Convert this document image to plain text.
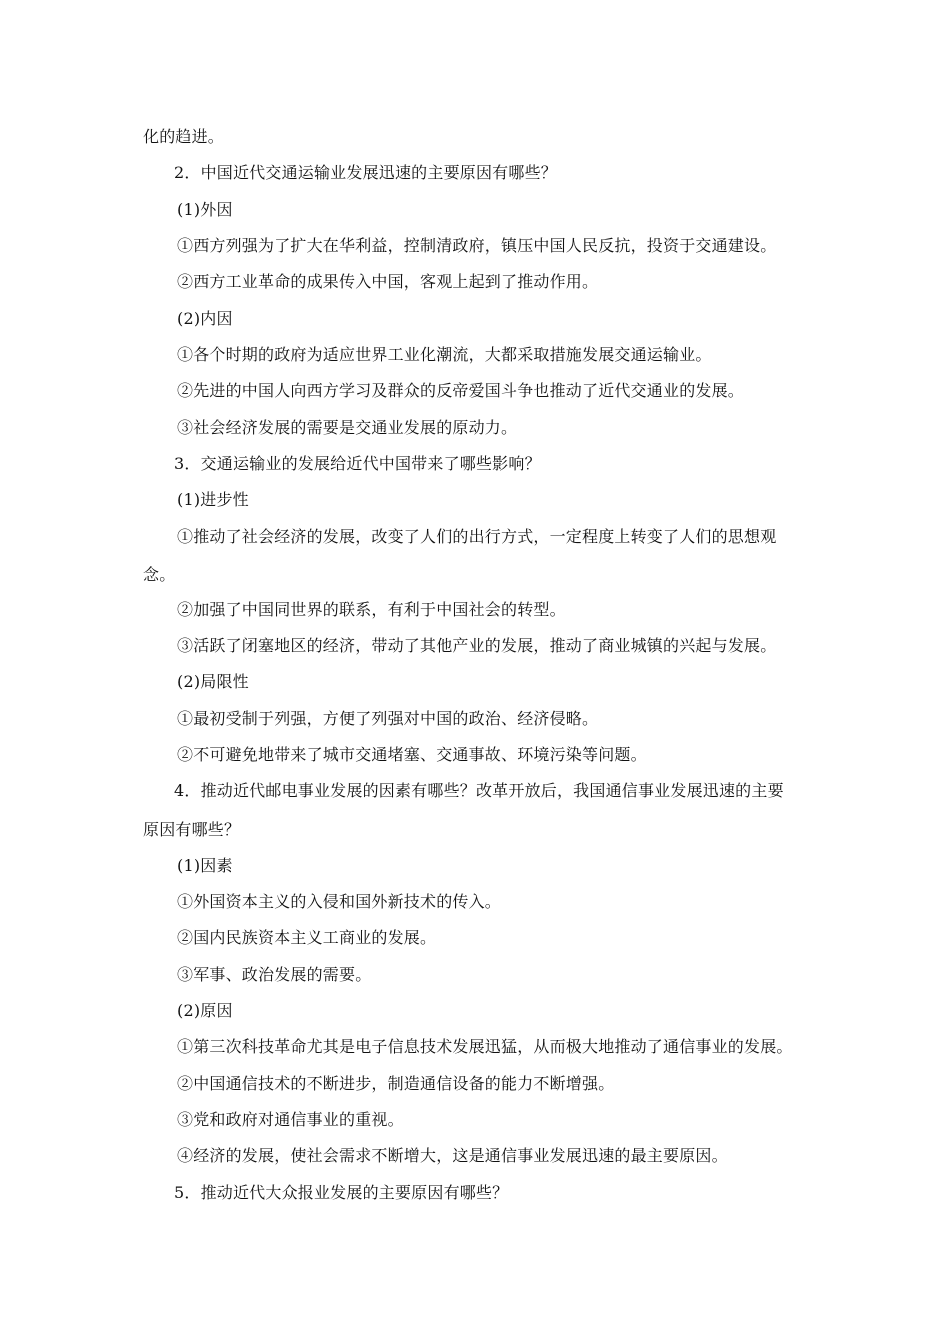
化的趋进。
2．中国近代交通运输业发展迅速的主要原因有哪些？
(1)外因
①西方列强为了扩大在华利益，控制清政府，镇压中国人民反抗，投资于交通建设。
②西方工业革命的成果传入中国，客观上起到了推动作用。
(2)内因
①各个时期的政府为适应世界工业化潮流，大都采取措施发展交通运输业。
②先进的中国人向西方学习及群众的反帝爱国斗争也推动了近代交通业的发展。
③社会经济发展的需要是交通业发展的原动力。
3．交通运输业的发展给近代中国带来了哪些影响？
(1)进步性
①推动了社会经济的发展，改变了人们的出行方式，一定程度上转变了人们的思想观
念。
②加强了中国同世界的联系，有利于中国社会的转型。
③活跃了闭塞地区的经济，带动了其他产业的发展，推动了商业城镇的兴起与发展。
(2)局限性
①最初受制于列强，方便了列强对中国的政治、经济侵略。
②不可避免地带来了城市交通堵塞、交通事故、环境污染等问题。
4．推动近代邮电事业发展的因素有哪些？改革开放后，我国通信事业发展迅速的主要
原因有哪些？
(1)因素
①外国资本主义的入侵和国外新技术的传入。
②国内民族资本主义工商业的发展。
③军事、政治发展的需要。
(2)原因
①第三次科技革命尤其是电子信息技术发展迅猛，从而极大地推动了通信事业的发展。
②中国通信技术的不断进步，制造通信设备的能力不断增强。
③党和政府对通信事业的重视。
④经济的发展，使社会需求不断增大，这是通信事业发展迅速的最主要原因。
5．推动近代大众报业发展的主要原因有哪些？
